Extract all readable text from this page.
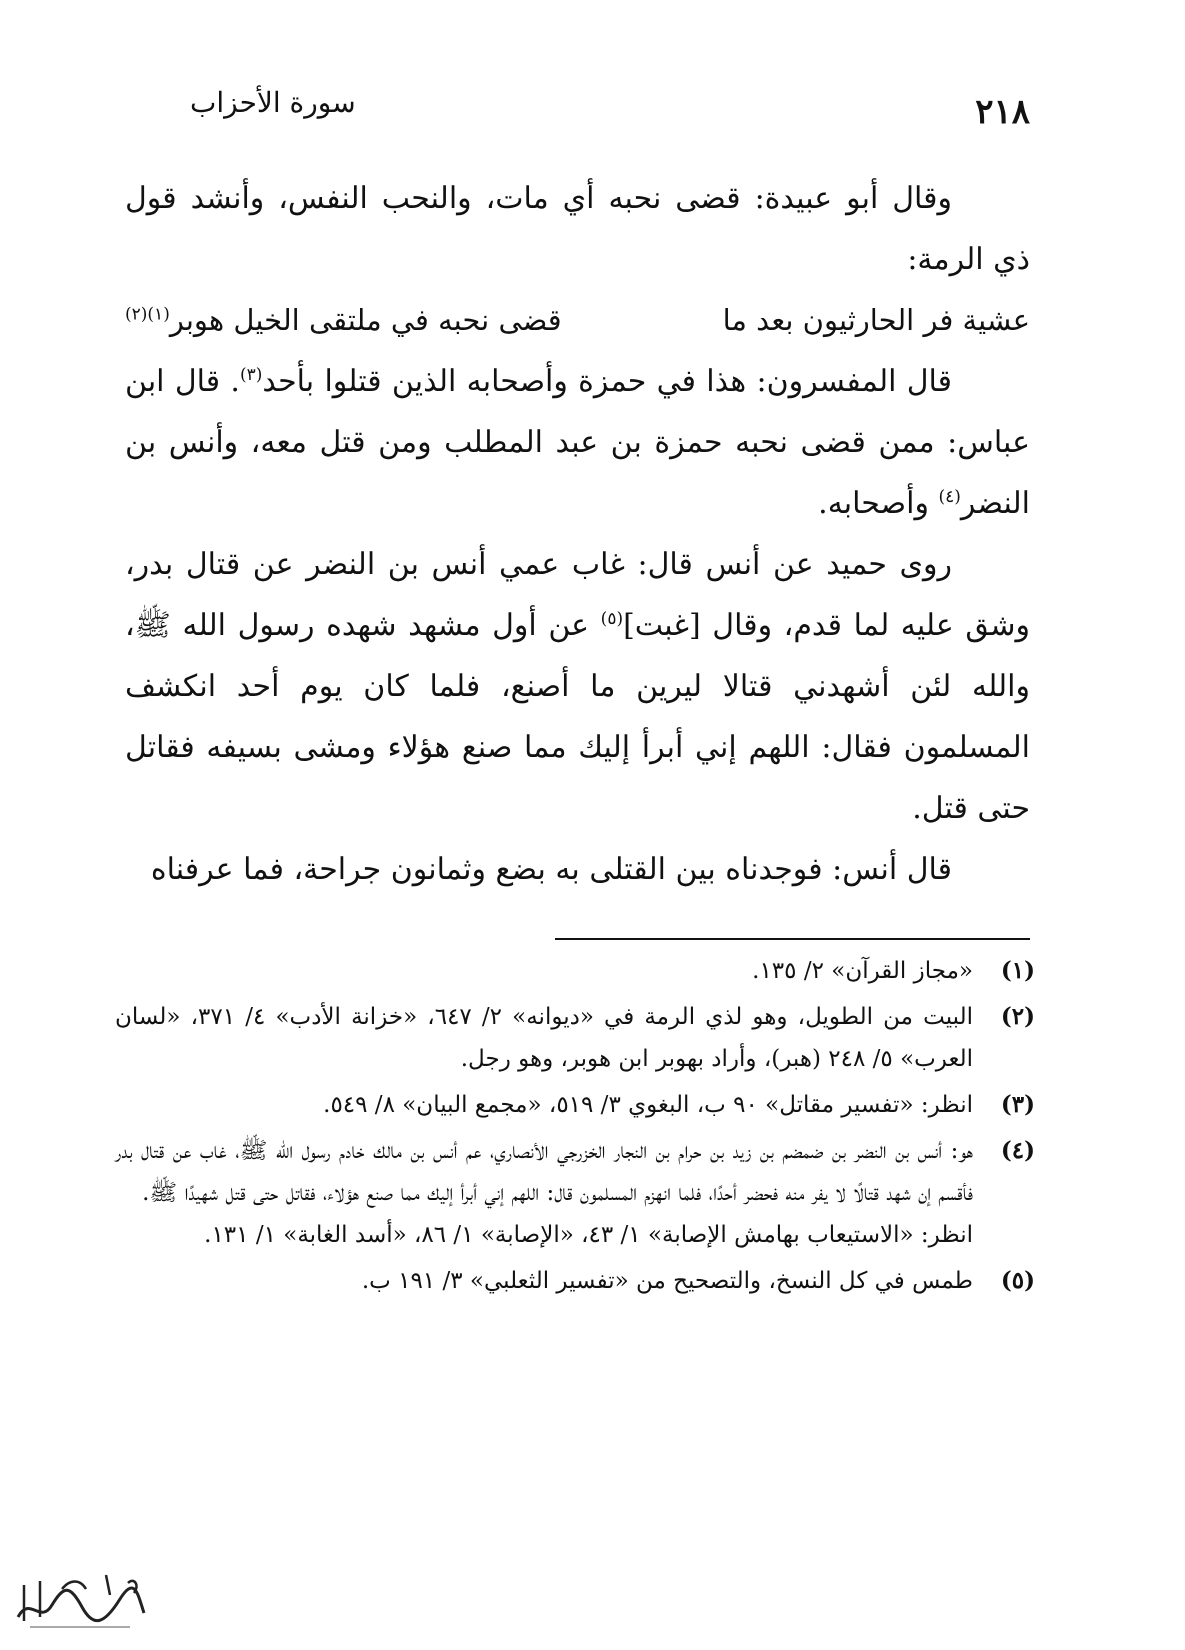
٢١٨
سورة الأحزاب

وقال أبو عبيدة: قضى نحبه أي مات، والنحب النفس، وأنشد قول ذي الرمة:

عشية فر الحارثيون بعد ما
قضى نحبه في ملتقى الخيل هوبر$^{(١)(٢)}$

قال المفسرون: هذا في حمزة وأصحابه الذين قتلوا بأحد$^{(٣)}$. قال ابن عباس: ممن قضى نحبه حمزة بن عبد المطلب ومن قتل معه، وأنس بن النضر$^{(٤)}$ وأصحابه.

روى حميد عن أنس قال: غاب عمي أنس بن النضر عن قتال بدر، وشق عليه لما قدم، وقال [غبت]$^{(٥)}$ عن أول مشهد شهده رسول الله ﷺ، والله لئن أشهدني قتالا ليرين ما أصنع، فلما كان يوم أحد انكشف المسلمون فقال: اللهم إني أبرأ إليك مما صنع هؤلاء ومشى بسيفه فقاتل حتى قتل.

قال أنس: فوجدناه بين القتلى به بضع وثمانون جراحة، فما عرفناه

(١)

«مجاز القرآن» ٢/ ١٣٥.

(٢)

البيت من الطويل، وهو لذي الرمة في «ديوانه» ٢/ ٦٤٧، «خزانة الأدب» ٤/ ٣٧١، «لسان العرب» ٥/ ٢٤٨ (هبر)، وأراد بهوبر ابن هوبر، وهو رجل.

(٣)

انظر: «تفسير مقاتل» ٩٠ ب، البغوي ٣/ ٥١٩، «مجمع البيان» ٨/ ٥٤٩.

(٤)

هو: أنس بن النضر بن ضمضم بن زيد بن حرام بن النجار الخزرجي الأنصاري، عم أنس بن مالك خادم رسول الله ﷺ، غاب عن قتال بدر فأقسم إن شهد قتالًا لا يفر منه فحضر أحدًا، فلما انهزم المسلمون قال: اللهم إني أبرأ إليك مما صنع هؤلاء، فقاتل حتى قتل شهيدًا ﷺ.

انظر: «الاستيعاب بهامش الإصابة» ١/ ٤٣، «الإصابة» ١/ ٨٦، «أسد الغابة» ١/ ١٣١.

(٥)

طمس في كل النسخ، والتصحيح من «تفسير الثعلبي» ٣/ ١٩١ ب.
